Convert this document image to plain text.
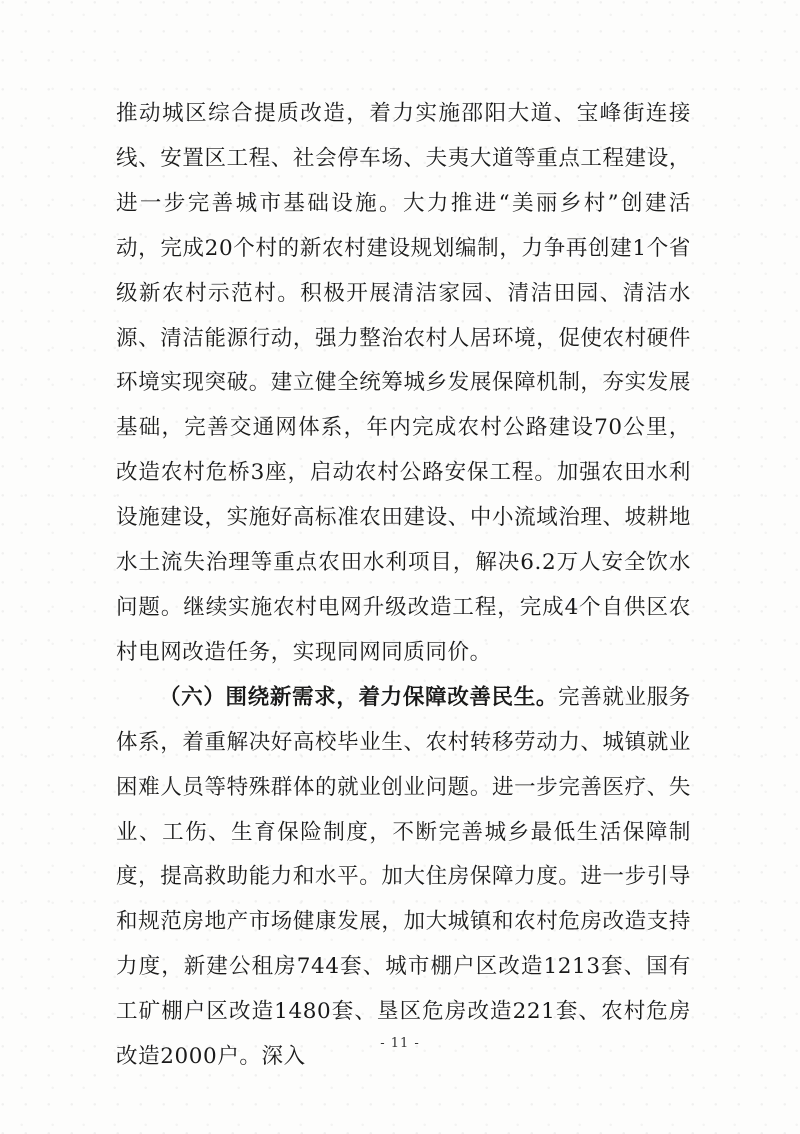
推动城区综合提质改造，着力实施邵阳大道、宝峰街连接线、安置区工程、社会停车场、夫夷大道等重点工程建设，进一步完善城市基础设施。大力推进“美丽乡村”创建活动，完成20个村的新农村建设规划编制，力争再创建1个省级新农村示范村。积极开展清洁家园、清洁田园、清洁水源、清洁能源行动，强力整治农村人居环境，促使农村硬件环境实现突破。建立健全统筹城乡发展保障机制，夯实发展基础，完善交通网体系，年内完成农村公路建设70公里，改造农村危桥3座，启动农村公路安保工程。加强农田水利设施建设，实施好高标准农田建设、中小流域治理、坡耕地水土流失治理等重点农田水利项目，解决6.2万人安全饮水问题。继续实施农村电网升级改造工程，完成4个自供区农村电网改造任务，实现同网同质同价。

（六）围绕新需求，着力保障改善民生。完善就业服务体系，着重解决好高校毕业生、农村转移劳动力、城镇就业困难人员等特殊群体的就业创业问题。进一步完善医疗、失业、工伤、生育保险制度，不断完善城乡最低生活保障制度，提高救助能力和水平。加大住房保障力度。进一步引导和规范房地产市场健康发展，加大城镇和农村危房改造支持力度，新建公租房744套、城市棚户区改造1213套、国有工矿棚户区改造1480套、垦区危房改造221套、农村危房改造2000户。深入

- 11 -
